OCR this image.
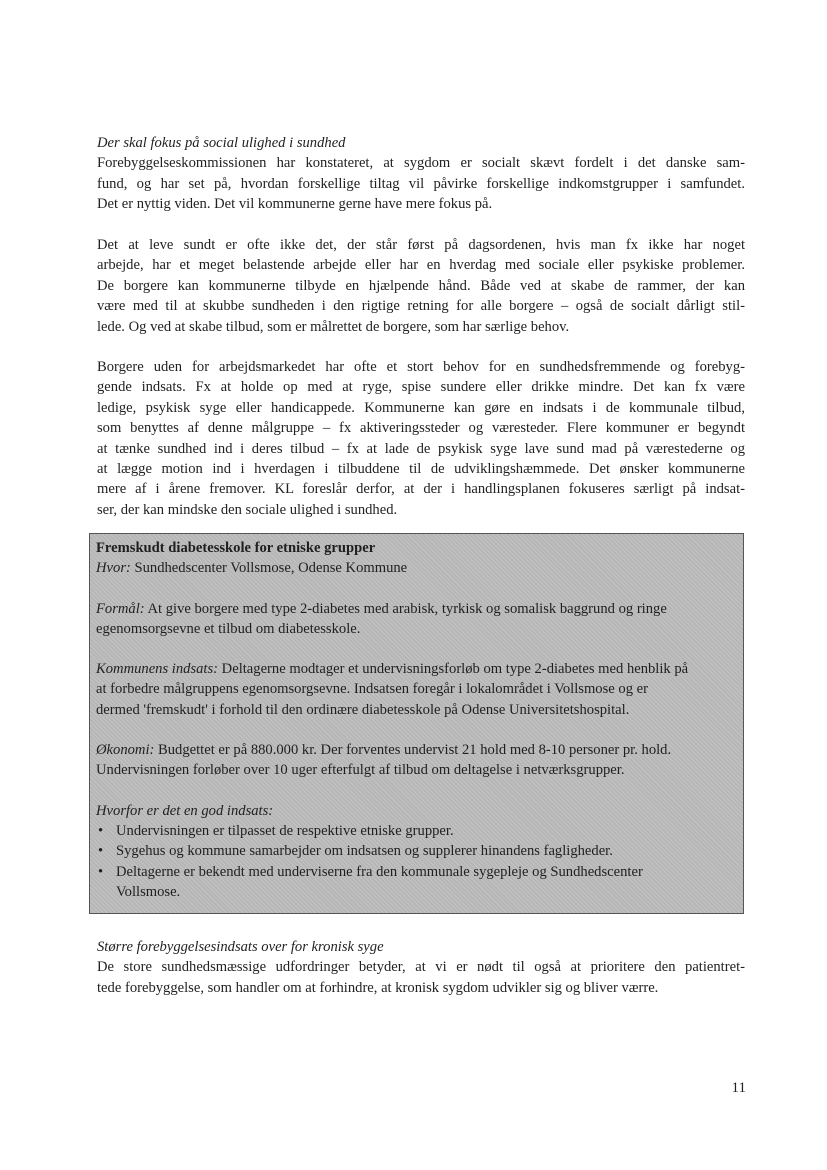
Der skal fokus på social ulighed i sundhed

Forebyggelseskommissionen har konstateret, at sygdom er socialt skævt fordelt i det danske sam-
fund, og har set på, hvordan forskellige tiltag vil påvirke forskellige indkomstgrupper i samfundet.
Det er nyttig viden. Det vil kommunerne gerne have mere fokus på.

Det at leve sundt er ofte ikke det, der står først på dagsordenen, hvis man fx ikke har noget
arbejde, har et meget belastende arbejde eller har en hverdag med sociale eller psykiske problemer.
De borgere kan kommunerne tilbyde en hjælpende hånd. Både ved at skabe de rammer, der kan
være med til at skubbe sundheden i den rigtige retning for alle borgere – også de socialt dårligt stil-
lede. Og ved at skabe tilbud, som er målrettet de borgere, som har særlige behov.

Borgere uden for arbejdsmarkedet har ofte et stort behov for en sundhedsfremmende og forebyg-
gende indsats. Fx at holde op med at ryge, spise sundere eller drikke mindre. Det kan fx være
ledige, psykisk syge eller handicappede. Kommunerne kan gøre en indsats i de kommunale tilbud,
som benyttes af denne målgruppe – fx aktiveringssteder og væresteder. Flere kommuner er begyndt
at tænke sundhed ind i deres tilbud – fx at lade de psykisk syge lave sund mad på værestederne og
at lægge motion ind i hverdagen i tilbuddene til de udviklingshæmmede. Det ønsker kommunerne
mere af i årene fremover. KL foreslår derfor, at der i handlingsplanen fokuseres særligt på indsat-
ser, der kan mindske den sociale ulighed i sundhed.

Fremskudt diabetesskole for etniske grupper

Hvor: Sundhedscenter Vollsmose, Odense Kommune

Formål: At give borgere med type 2-diabetes med arabisk, tyrkisk og somalisk baggrund og ringe
egenomsorgsevne et tilbud om diabetesskole.

Kommunens indsats: Deltagerne modtager et undervisningsforløb om type 2-diabetes med henblik på
at forbedre målgruppens egenomsorgsevne. Indsatsen foregår i lokalområdet i Vollsmose og er
dermed 'fremskudt' i forhold til den ordinære diabetesskole på Odense Universitetshospital.

Økonomi: Budgettet er på 880.000 kr. Der forventes undervist 21 hold med 8-10 personer pr. hold.
Undervisningen forløber over 10 uger efterfulgt af tilbud om deltagelse i netværksgrupper.

Hvorfor er det en god indsats:

• Undervisningen er tilpasset de respektive etniske grupper.
• Sygehus og kommune samarbejder om indsatsen og supplerer hinandens fagligheder.
• Deltagerne er bekendt med underviserne fra den kommunale sygepleje og Sundhedscenter
Vollsmose.

Større forebyggelsesindsats over for kronisk syge

De store sundhedsmæssige udfordringer betyder, at vi er nødt til også at prioritere den patientret-
tede forebyggelse, som handler om at forhindre, at kronisk sygdom udvikler sig og bliver værre.

11
